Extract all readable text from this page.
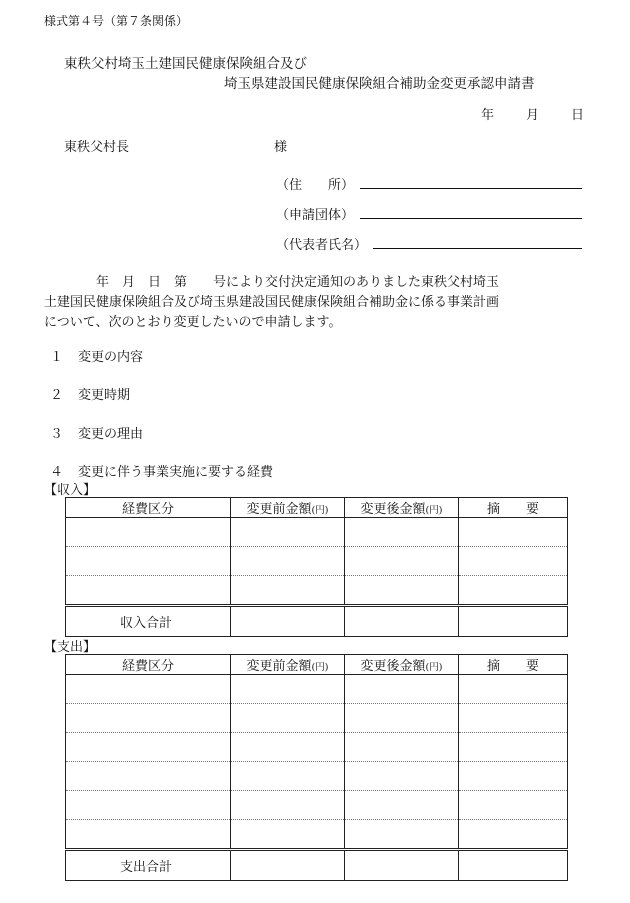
様式第４号（第７条関係）
東秩父村埼玉土建国民健康保険組合及び
埼玉県建設国民健康保険組合補助金変更承認申請書
年 月 日
東秩父村長	様
（住　　所）
（申請団体）
（代表者氏名）

　　　　年　月　日　第　　号により交付決定通知のありました東秩父村埼玉

土建国民健康保険組合及び埼玉県建設国民健康保険組合補助金に係る事業計画

について、次のとおり変更したいので申請します。

１ 変更の内容
２ 変更時期
３ 変更の理由
４ 変更に伴う事業実施に要する経費
【収入】
経費区分	変更前金額(円)	変更後金額(円)	摘　　要

収入合計			
【支出】
経費区分	変更前金額(円)	変更後金額(円)	摘　　要

支出合計			
